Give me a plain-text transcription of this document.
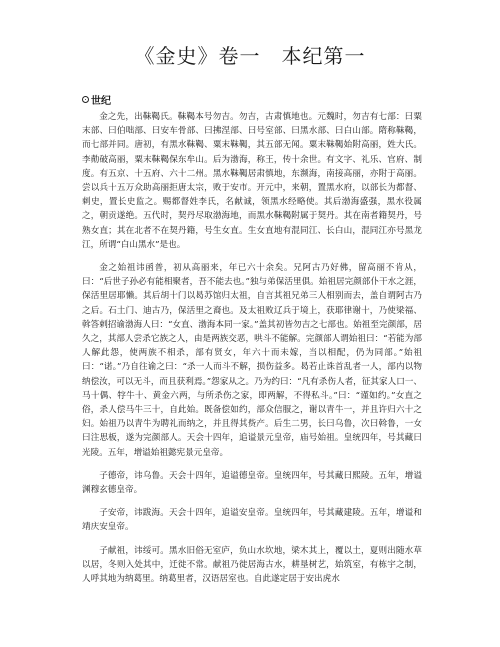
《金史》卷一　本纪第一
世纪

金之先，出靺鞨氏。靺鞨本号勿吉。勿吉，古肃慎地也。元魏时，勿吉有七部：曰粟末部、曰伯咄部、曰安车骨部、曰拂涅部、曰号室部、曰黑水部、曰白山部。隋称靺鞨，而七部并同。唐初，有黑水靺鞨、粟末靺鞨，其五部无闻。粟末靺鞨始附高丽，姓大氏。李勣破高丽，粟末靺鞨保东牟山。后为渤海，称王，传十余世。有文字、礼乐、官府、制度。有五京、十五府、六十二州。黑水靺鞨居肃慎地，东濒海，南接高丽，亦附于高丽。尝以兵十五万众助高丽拒唐太宗，败于安市。开元中，来朝，置黑水府，以部长为都督、刺史，置长史监之。赐都督姓李氏，名献诚，领黑水经略使。其后渤海盛强，黑水役属之，朝贡遂绝。五代时，契丹尽取渤海地，而黑水靺鞨附属于契丹。其在南者籍契丹，号熟女直；其在北者不在契丹籍，号生女直。生女直地有混同江、长白山，混同江亦号黑龙江，所谓“白山黑水”是也。

金之始祖讳函普，初从高丽来，年已六十余矣。兄阿古乃好佛，留高丽不肯从，曰：“后世子孙必有能相聚者，吾不能去也。”独与弟保活里俱。始祖居完颜部仆干水之涯，保活里居耶懒。其后胡十门以曷苏馆归太祖，自言其祖兄弟三人相别而去，盖自谓阿古乃之后。石土门、迪古乃，保活里之裔也。及太祖败辽兵于境上，获耶律谢十，乃使梁福、斡答剌招谕渤海人曰：“女直、渤海本同一家。”盖其初皆勿吉之七部也。始祖至完颜部，居久之，其部人尝杀它族之人，由是两族交恶，哄斗不能解。完颜部人谓始祖曰：“若能为部人解此怨，使两族不相杀，部有贤女，年六十而未嫁，当以相配，仍为同部。”始祖曰：“诺。”乃自往谕之曰：“杀一人而斗不解，损伤益多。曷若止诛首乱者一人，部内以物纳偿汝，可以无斗，而且获利焉。”怨家从之。乃为约曰：“凡有杀伤人者，征其家人口一、马十偶、牸牛十、黄金六两，与所杀伤之家，即两解，不得私斗。”曰：“谨如约。”女直之俗，杀人偿马牛三十，自此始。既备偿如约，部众信服之，谢以青牛一，并且许归六十之妇。始祖乃以青牛为聘礼而纳之，并且得其赀产。后生二男，长曰乌鲁，次曰斡鲁，一女曰注思板，遂为完颜部人。天会十四年，追谥景元皇帝，庙号始祖。皇统四年，号其藏曰光陵。五年，增谥始祖懿宪景元皇帝。

子德帝，讳乌鲁。天会十四年，追谥德皇帝。皇统四年，号其藏曰熙陵。五年，增谥渊穆玄德皇帝。

子安帝，讳跋海。天会十四年，追谥安皇帝。皇统四年，号其藏建陵。五年，增谥和靖庆安皇帝。

子献祖，讳绥可。黑水旧俗无室庐，负山水坎地，梁木其上，覆以土，夏则出随水草以居，冬则入处其中，迁徙不常。献祖乃徙居海古水，耕垦树艺，始筑室，有栋宇之制，人呼其地为纳葛里。纳葛里者，汉语居室也。自此遂定居于安出虎水
